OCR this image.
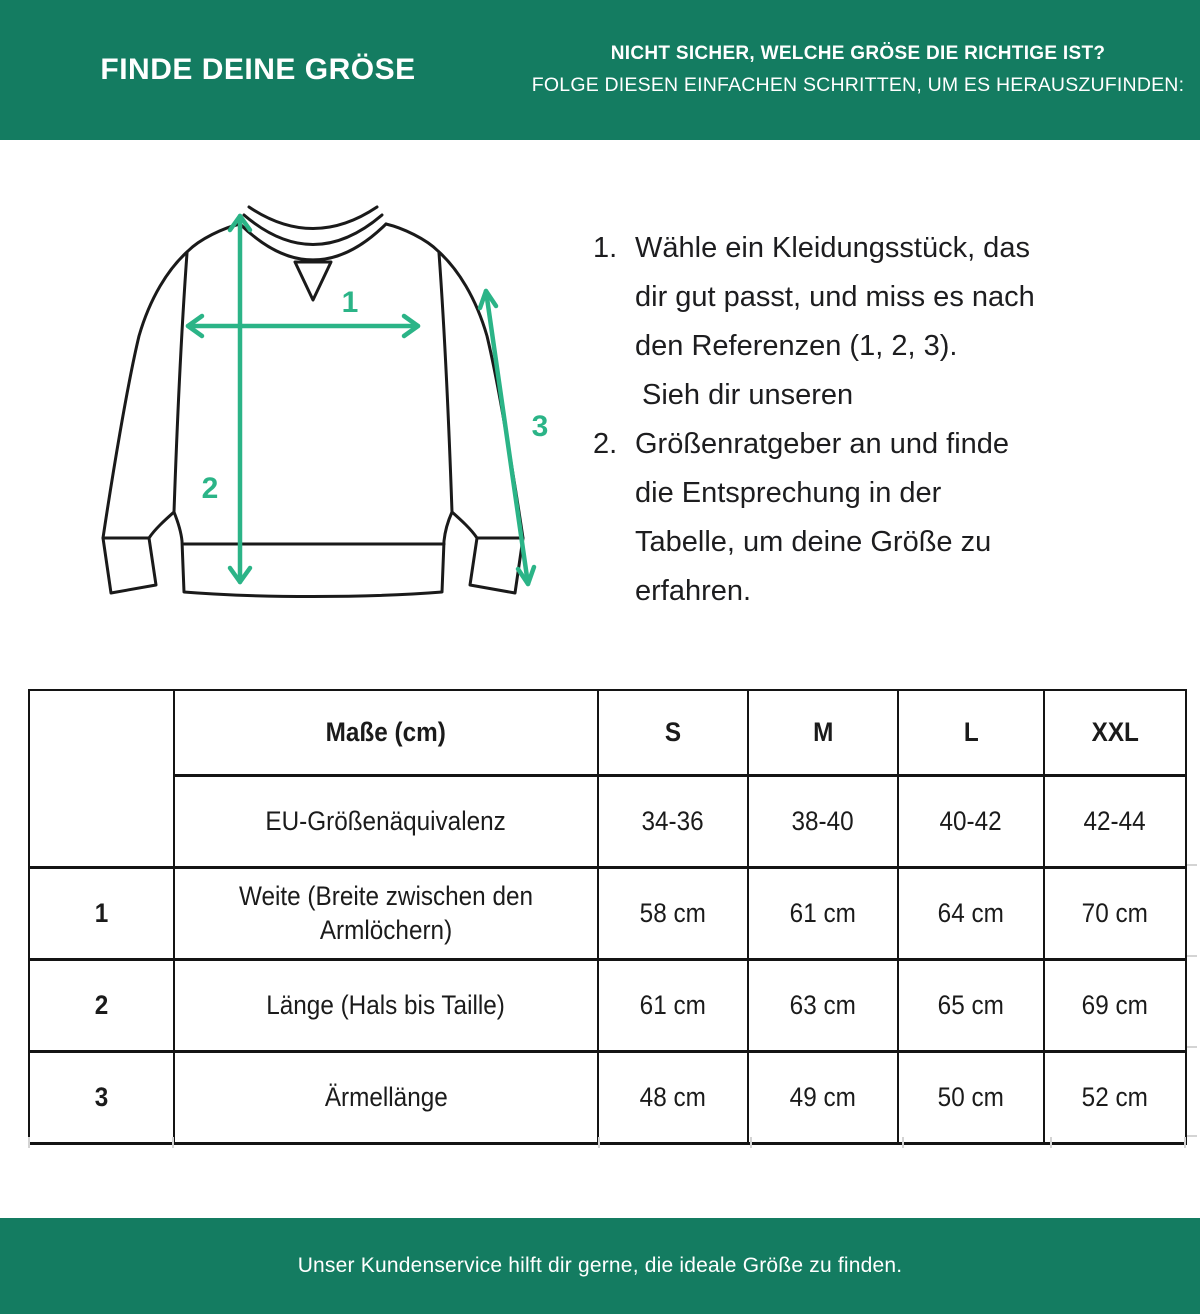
FINDE DEINE GRÖSE	NICHT SICHER, WELCHE GRÖSE DIE RICHTIGE IST?
FOLGE DIESEN EINFACHEN SCHRITTEN, UM ES HERAUSZUFINDEN:
1
2
3
1. Wähle ein Kleidungsstück, das
dir gut passt, und miss es nach
den Referenzen (1, 2, 3).
Sieh dir unseren
2. Größenratgeber an und finde
die Entsprechung in der
Tabelle, um deine Größe zu
erfahren.
	Maße (cm)	S	M	L	XXL
	EU-Größenäquivalenz	34-36	38-40	40-42	42-44
1	Weite (Breite zwischen den Armlöchern)	58 cm	61 cm	64 cm	70 cm
2	Länge (Hals bis Taille)	61 cm	63 cm	65 cm	69 cm
3	Ärmellänge	48 cm	49 cm	50 cm	52 cm
Unser Kundenservice hilft dir gerne, die ideale Größe zu finden.
